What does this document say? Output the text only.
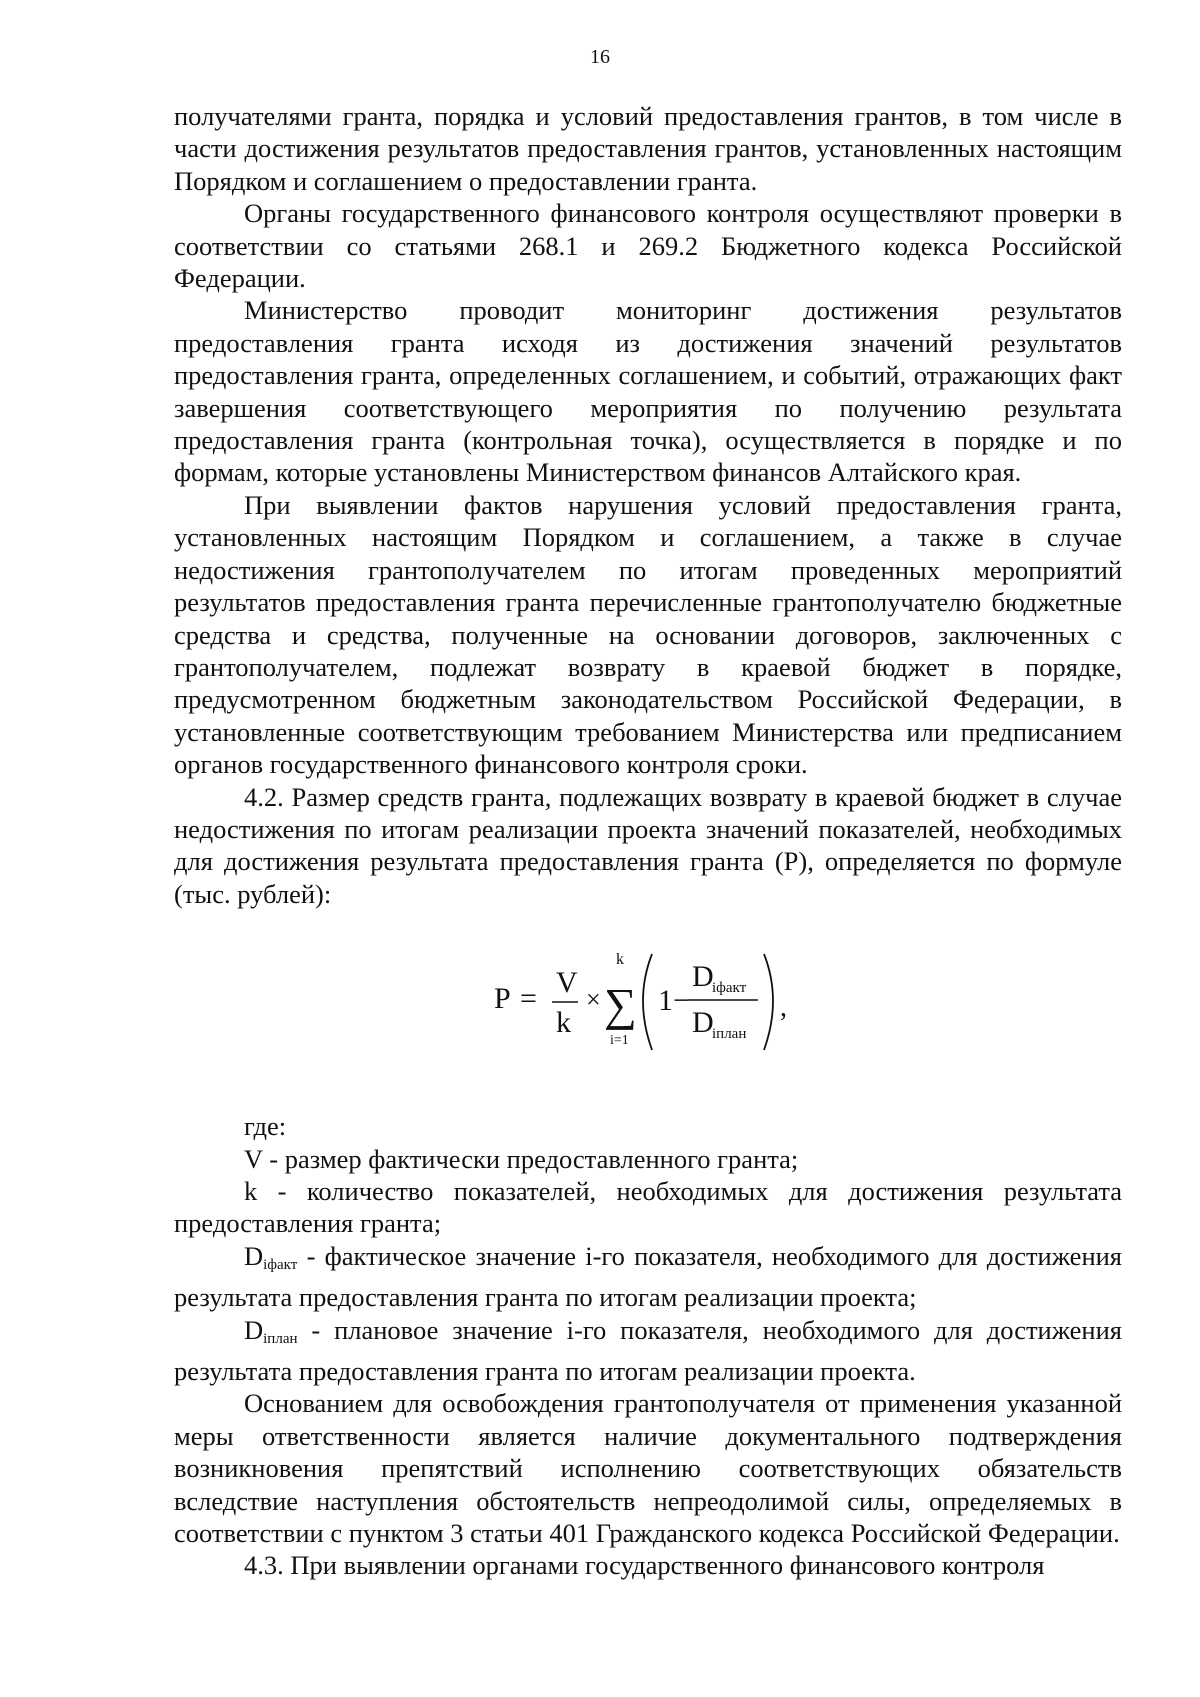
16

получателями гранта, порядка и условий предоставления грантов, в том числе в части достижения результатов предоставления грантов, установленных настоящим Порядком и соглашением о предоставлении гранта.

Органы государственного финансового контроля осуществляют проверки в соответствии со статьями 268.1 и 269.2 Бюджетного кодекса Российской Федерации.

Министерство проводит мониторинг достижения результатов предоставления гранта исходя из достижения значений результатов предоставления гранта, определенных соглашением, и событий, отражающих факт завершения соответствующего мероприятия по получению результата предоставления гранта (контрольная точка), осуществляется в порядке и по формам, которые установлены Министерством финансов Алтайского края.

При выявлении фактов нарушения условий предоставления гранта, установленных настоящим Порядком и соглашением, а также в случае недостижения грантополучателем по итогам проведенных мероприятий результатов предоставления гранта перечисленные грантополучателю бюджетные средства и средства, полученные на основании договоров, заключенных с грантополучателем, подлежат возврату в краевой бюджет в порядке, предусмотренном бюджетным законодательством Российской Федерации, в установленные соответствующим требованием Министерства или предписанием органов государственного финансового контроля сроки.

4.2. Размер средств гранта, подлежащих возврату в краевой бюджет в случае недостижения по итогам реализации проекта значений показателей, необходимых для достижения результата предоставления гранта (Р), определяется по формуле (тыс. рублей):

Р = V
k
×
k
∑
i=1
1−
D
iфакт
D
iплан
,

где:

V - размер фактически предоставленного гранта;

k - количество показателей, необходимых для достижения результата предоставления гранта;

$D_{iфакт}$ - фактическое значение i-го показателя, необходимого для достижения результата предоставления гранта по итогам реализации проекта;

$D_{iплан}$ - плановое значение i-го показателя, необходимого для достижения результата предоставления гранта по итогам реализации проекта.

Основанием для освобождения грантополучателя от применения указанной меры ответственности является наличие документального подтверждения возникновения препятствий исполнению соответствующих обязательств вследствие наступления обстоятельств непреодолимой силы, определяемых в соответствии с пунктом 3 статьи 401 Гражданского кодекса Российской Федерации.

4.3. При выявлении органами государственного финансового контроля
